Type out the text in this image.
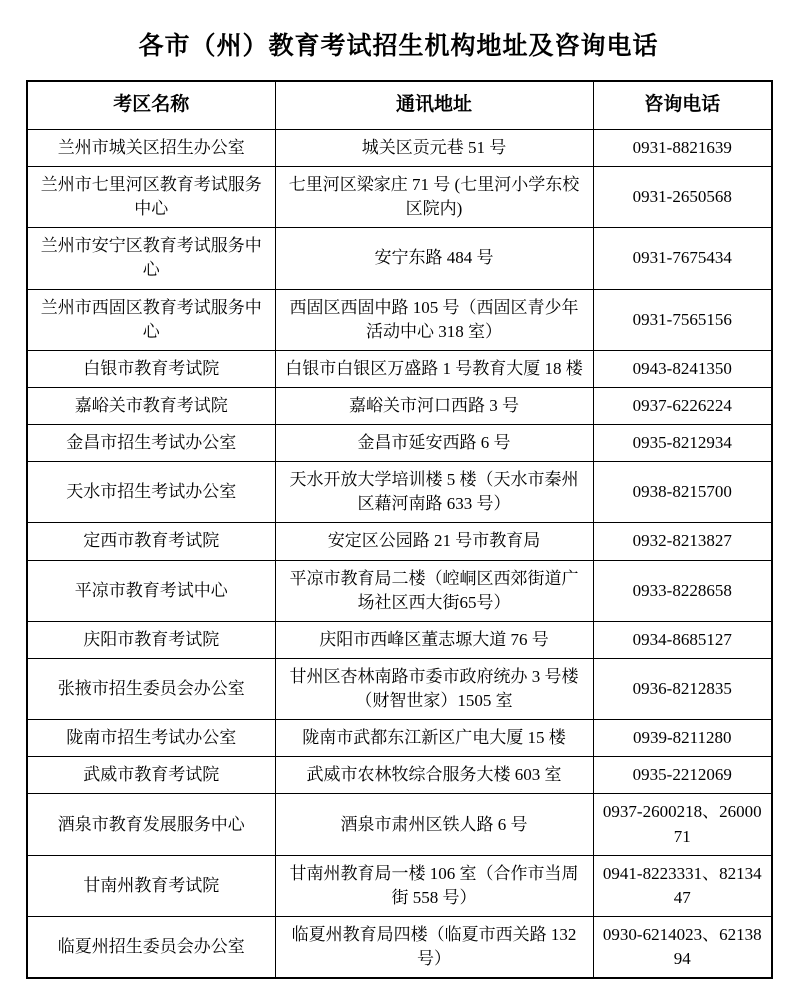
各市（州）教育考试招生机构地址及咨询电话
考区名称	通讯地址	咨询电话
兰州市城关区招生办公室	城关区贡元巷 51 号	0931-8821639
兰州市七里河区教育考试服务中心	七里河区梁家庄 71 号 (七里河小学东校区院内)	0931-2650568
兰州市安宁区教育考试服务中心	安宁东路 484 号	0931-7675434
兰州市西固区教育考试服务中心	西固区西固中路 105 号（西固区青少年活动中心 318 室）	0931-7565156
白银市教育考试院	白银市白银区万盛路 1 号教育大厦 18 楼	0943-8241350
嘉峪关市教育考试院	嘉峪关市河口西路 3 号	0937-6226224
金昌市招生考试办公室	金昌市延安西路 6 号	0935-8212934
天水市招生考试办公室	天水开放大学培训楼 5 楼（天水市秦州区藉河南路 633 号）	0938-8215700
定西市教育考试院	安定区公园路 21 号市教育局	0932-8213827
平凉市教育考试中心	平凉市教育局二楼（崆峒区西郊街道广场社区西大街65号）	0933-8228658
庆阳市教育考试院	庆阳市西峰区董志塬大道 76 号	0934-8685127
张掖市招生委员会办公室	甘州区杏林南路市委市政府统办 3 号楼（财智世家）1505 室	0936-8212835
陇南市招生考试办公室	陇南市武都东江新区广电大厦 15 楼	0939-8211280
武威市教育考试院	武威市农林牧综合服务大楼 603 室	0935-2212069
酒泉市教育发展服务中心	酒泉市肃州区铁人路 6 号	0937-2600218、2600071
甘南州教育考试院	甘南州教育局一楼 106 室（合作市当周街 558 号）	0941-8223331、8213447
临夏州招生委员会办公室	临夏州教育局四楼（临夏市西关路 132 号）	0930-6214023、6213894
